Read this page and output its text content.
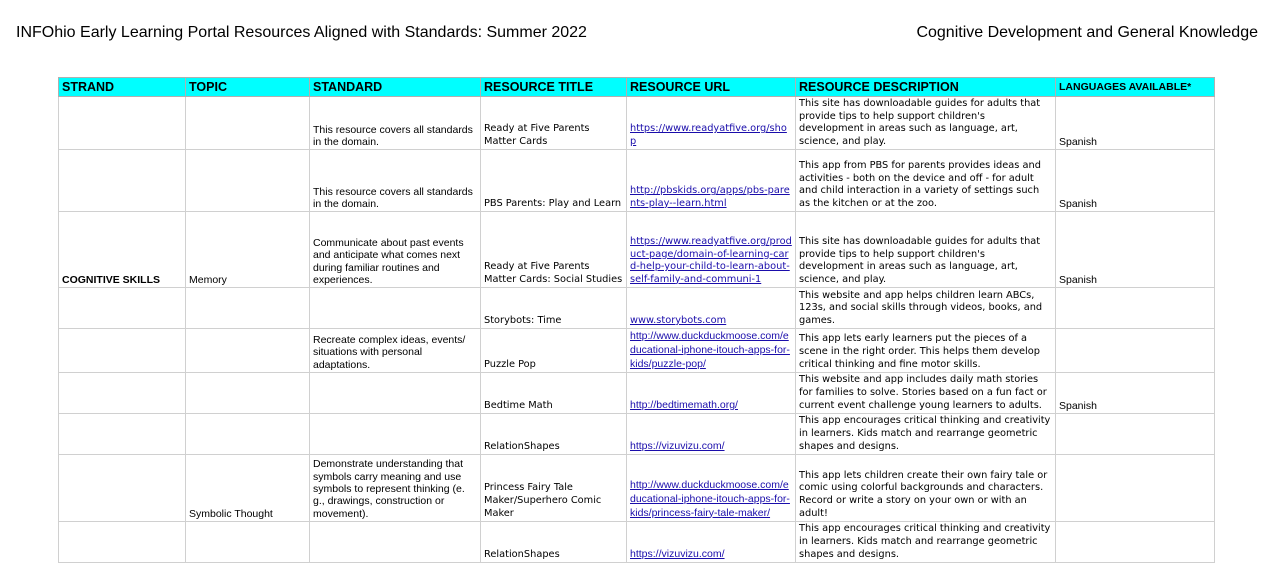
INFOhio Early Learning Portal Resources Aligned with Standards: Summer 2022	Cognitive Development and General Knowledge
STRAND	TOPIC	STANDARD	RESOURCE TITLE	RESOURCE URL	RESOURCE DESCRIPTION	LANGUAGES AVAILABLE*
		This resource covers all standards in the domain.	Ready at Five Parents Matter Cards	https://www.readyatfive.org/shop	This site has downloadable guides for adults that provide tips to help support children's development in areas such as language, art, science, and play.	Spanish
		This resource covers all standards in the domain.	PBS Parents: Play and Learn	http://pbskids.org/apps/pbs-parents-play--learn.html	This app from PBS for parents provides ideas and activities - both on the device and off - for adult and child interaction in a variety of settings such as the kitchen or at the zoo.	Spanish
COGNITIVE SKILLS	Memory	Communicate about past events and anticipate what comes next during familiar routines and experiences.	Ready at Five Parents Matter Cards: Social Studies	https://www.readyatfive.org/product-page/domain-of-learning-card-help-your-child-to-learn-about-self-family-and-communi-1	This site has downloadable guides for adults that provide tips to help support children's development in areas such as language, art, science, and play.	Spanish
			Storybots: Time	www.storybots.com	This website and app helps children learn ABCs, 123s, and social skills through videos, books, and games.	
		Recreate complex ideas, events/ situations with personal adaptations.	Puzzle Pop	http://www.duckduckmoose.com/educational-iphone-itouch-apps-for-kids/puzzle-pop/	This app lets early learners put the pieces of a scene in the right order. This helps them develop critical thinking and fine motor skills.	
			Bedtime Math	http://bedtimemath.org/	This website and app includes daily math stories for families to solve. Stories based on a fun fact or current event challenge young learners to adults.	Spanish
			RelationShapes	https://vizuvizu.com/	This app encourages critical thinking and creativity in learners. Kids match and rearrange geometric shapes and designs.	
	Symbolic Thought	Demonstrate understanding that symbols carry meaning and use symbols to represent thinking (e. g., drawings, construction or movement).	Princess Fairy Tale Maker/Superhero Comic Maker	http://www.duckduckmoose.com/educational-iphone-itouch-apps-for-kids/princess-fairy-tale-maker/	This app lets children create their own fairy tale or comic using colorful backgrounds and characters. Record or write a story on your own or with an adult!	
			RelationShapes	https://vizuvizu.com/	This app encourages critical thinking and creativity in learners. Kids match and rearrange geometric shapes and designs.	
